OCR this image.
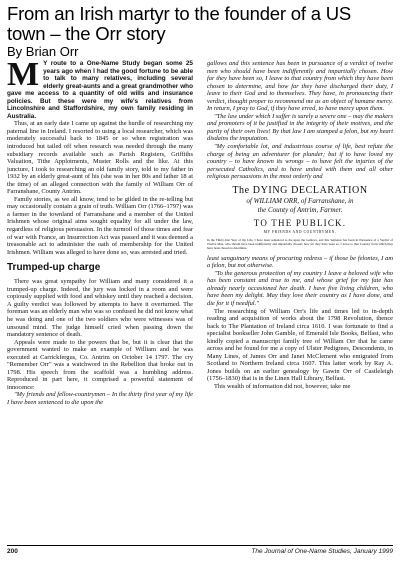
From an Irish martyr to the founder of a US town – the Orr story
By Brian Orr

M Y route to a One-Name Study began some 25 years ago when I had the good fortune to be able to talk to many relatives, including several elderly great-aunts and a great grandmother who gave me access to a quantity of old wills and insurance policies. But these were my wife's relatives from Lincolnshire and Staffordshire, my own family residing in Australia.

Thus, at an early date I came up against the hurdle of researching my paternal line in Ireland. I resorted to using a local researcher, which was moderately successful back to 1845 or so when registration was introduced but tailed off when research was needed through the many subsidiary records available such as Parish Registers, Griffiths Valuation, Tithe Applotments, Muster Rolls and the like. At this juncture, I took to researching an old family story, told to my father in 1932 by an elderly great-aunt of his (she was in her 80s and father 18 at the time) of an alleged connection with the family of William Orr of Farranshane, County Antrim.

Family stories, as we all know, tend to be gilded in the re-telling but may occasionally contain a grain of truth. William Orr (1766–1797) was a farmer in the townland of Farranshane and a member of the United Irishmen whose original aims sought equality for all under the law, regardless of religious persuasion. In the turmoil of those times and fear of war with France, an Insurrection Act was passed and it was deemed a treasonable act to administer the oath of membership for the United Irishmen. William was alleged to have done so, was arrested and tried.

Trumped-up charge

There was great sympathy for William and many considered it a trumped-up charge. Indeed, the jury was locked in a room and were copiously supplied with food and whiskey until they reached a decision. A guilty verdict was followed by attempts to have it overturned. The foreman was an elderly man who was so confused he did not know what he was doing and one of the two soldiers who were witnesses was of unsound mind. The judge himself cried when passing down the mandatory sentence of death.

Appeals were made to the powers that be, but it is clear that the government wanted to make an example of William and he was executed at Carrickfergus, Co. Antrim on October 14 1797. The cry "Remember Orr" was a watchword in the Rebellion that broke out in 1798. His speech from the scaffold was a humbling address. Reproduced in part here, it comprised a powerful statement of innocence:

"My friends and fellow-countrymen – In the thirty first year of my life I have been sentenced to die upon the

gallows and this sentence has been in pursuance of a verdict of twelve men who should have been indifferently and impartially chosen. How far they have been so, I leave to that country from which they have been chosen to determine, and how far they have discharged their duty, I leave to their God and to themselves. They have, in pronouncing their verdict, thought proper to recommend me as an object of humane mercy. In return, I pray to God, if they have erred, to have mercy upon them.

"The law under which I suffer is surely a severe one – may the makers and promoters of it be justified in the integrity of their motives, and the purity of their own lives! By that law I am stamped a felon, but my heart disdains the imputation.

"My comfortable lot, and industrious course of life, best refute the charge of being an adventurer for plunder; but if to have loved my country – to have known its wrongs – to have felt the injuries of the persecuted Catholics, and to have united with them and all other religious persuasions in the most orderly and

The DYING DECLARATION
of WILLIAM ORR, of Farranshane, in
the County of Antrim, Farmer.
TO THE PUBLICK.
MY FRIENDS AND COUNTRYMEN,
In the Thirty-first Year of my Life, I have been sentenced to die upon the Gallows, and this Sentence has been in Pursuance of a Verdict of Twelve Men, who should have been indifferently and impartially chosen; how far they have been so, I leave to that Country from which they have been chosen to determine.

least sanguinary means of procuring redress – if those be felonies, I am a felon, but not otherwise.

"To the generous protection of my country I leave a beloved wife who has been constant and true to me, and whose grief for my fate has already nearly occasioned her death. I have five living children, who have been my delight. May they love their country as I have done, and die for it if needful."

The researching of William Orr's life and times led to in-depth reading and acquisition of works about the 1798 Revolution, thence back to The Plantation of Ireland circa 1610. I was fortunate to find a specialist bookseller John Gamble, of Emerald Isle Books, Belfast, who kindly copied a manuscript family tree of William Orr that he came across and he found for me a copy of Ulster Pedigrees, Descendents, in Many Lines, of James Orr and Janet McClement who emigrated from Scotland to Northern Ireland circa 1607. This latter work by Ray A. Jones builds on an earlier genealogy by Gawin Orr of Castleleigh (1756–1830) that is in the Linen Hall Library, Belfast.

This wealth of information did not, however, take me

200	The Journal of One-Name Studies, January 1999
